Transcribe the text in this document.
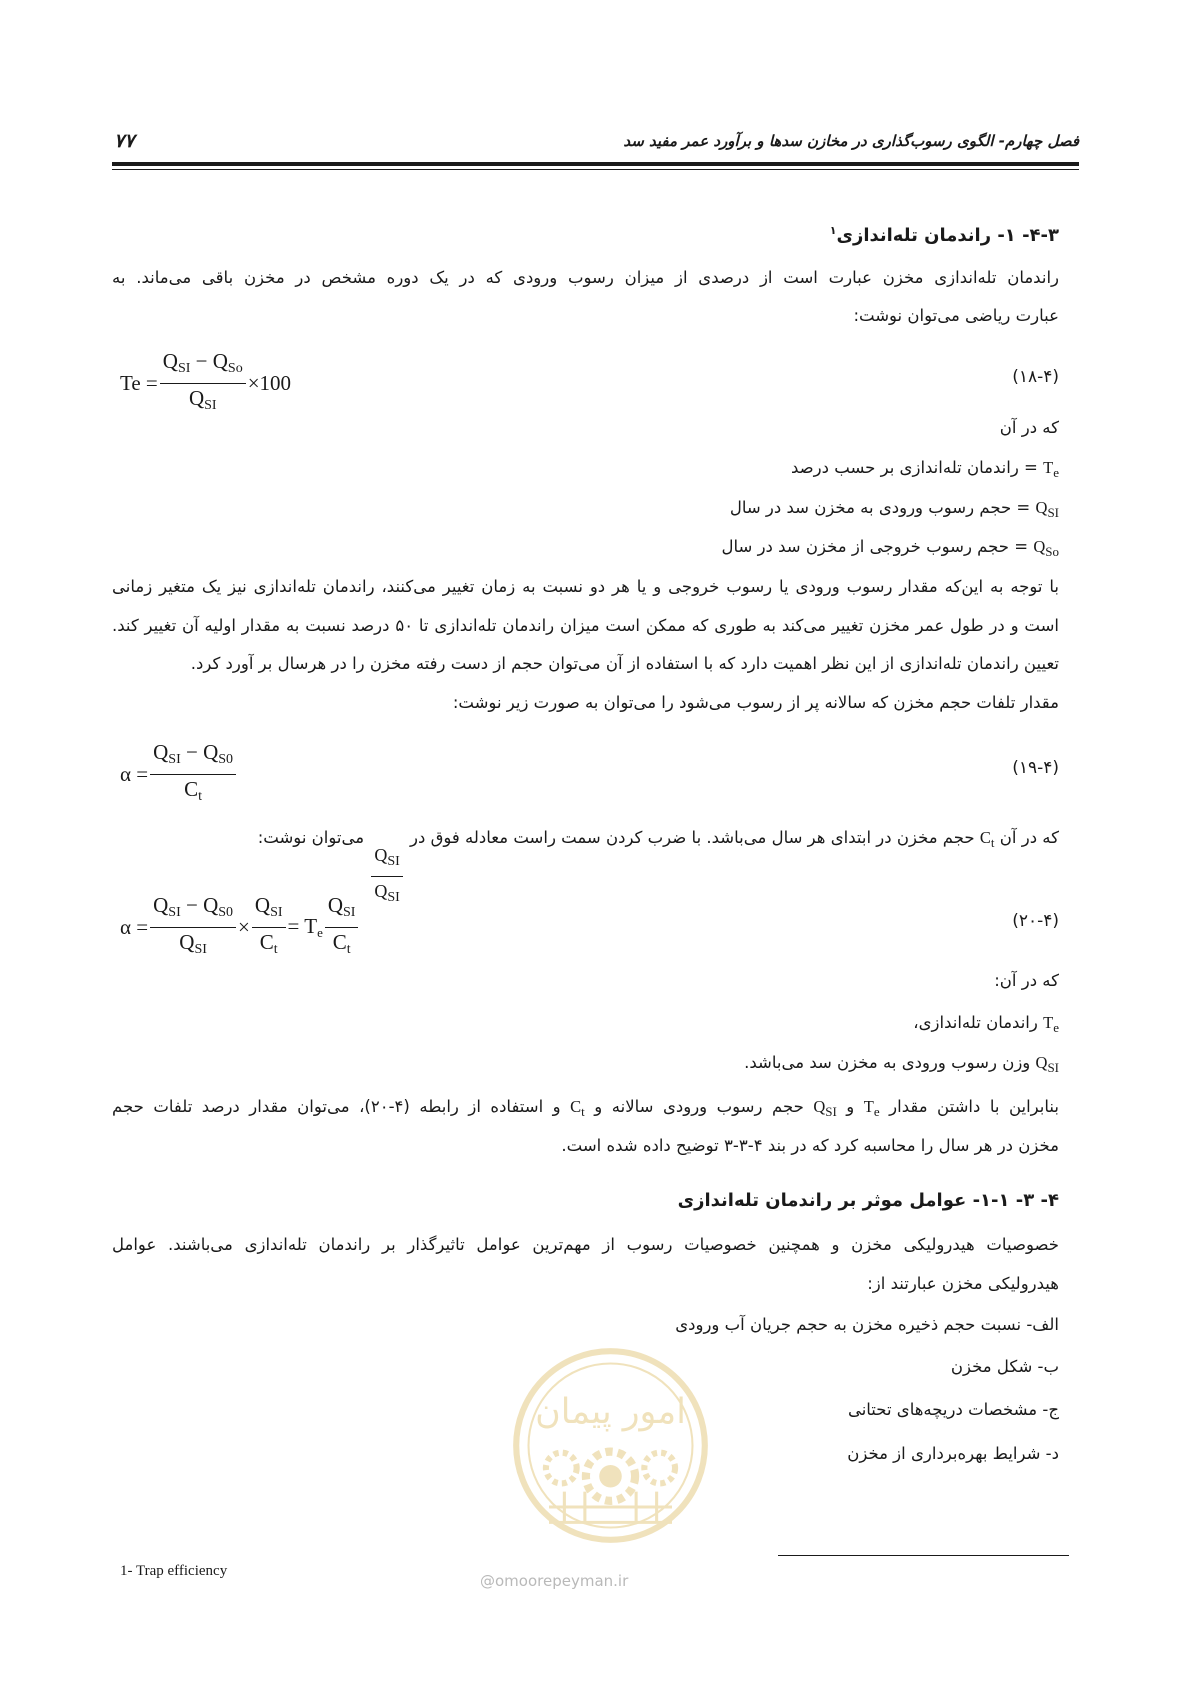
فصل چهارم- الگوی رسوب‌گذاری در مخازن سدها و برآورد عمر مفید سد
۷۷
۴-۳- ۱- راندمان تله‌اندازی$^۱$
راندمان تله‌اندازی مخزن عبارت است از درصدی از میزان رسوب ورودی که در یک دوره مشخص در مخزن باقی می‌ماند. به
عبارت ریاضی می‌توان نوشت:
$Te = \frac{Q_{SI} - Q_{So}}{Q_{SI}} \times 100$	(۱۸-۴)
که در آن
$T_e$ = راندمان تله‌اندازی بر حسب درصد
$Q_{SI}$ = حجم رسوب ورودی به مخزن سد در سال
$Q_{So}$ = حجم رسوب خروجی از مخزن سد در سال
با توجه به این‌که مقدار رسوب ورودی یا رسوب خروجی و یا هر دو نسبت به زمان تغییر می‌کنند، راندمان تله‌اندازی نیز یک متغیر زمانی
است و در طول عمر مخزن تغییر می‌کند به طوری که ممکن است میزان راندمان تله‌اندازی تا ۵۰ درصد نسبت به مقدار اولیه آن تغییر کند.
تعیین راندمان تله‌اندازی از این نظر اهمیت دارد که با استفاده از آن می‌توان حجم از دست رفته مخزن را در هرسال بر آورد کرد.
مقدار تلفات حجم مخزن که سالانه پر از رسوب می‌شود را می‌توان به صورت زیر نوشت:
$\alpha = \frac{Q_{SI} - Q_{S0}}{C_t}$	(۱۹-۴)
که در آن $C_t$ حجم مخزن در ابتدای هر سال می‌باشد. با ضرب کردن سمت راست معادله فوق در
$\frac{Q_{SI}}{Q_{SI}}$
می‌توان نوشت:
$\alpha = \frac{Q_{SI} - Q_{S0}}{Q_{SI}} \times \frac{Q_{SI}}{C_t} = T_e \frac{Q_{SI}}{C_t}$	(۲۰-۴)
که در آن:
$T_e$ راندمان تله‌اندازی،
$Q_{SI}$ وزن رسوب ورودی به مخزن سد می‌باشد.
بنابراین با داشتن مقدار $T_e$ و $Q_{SI}$ حجم رسوب ورودی سالانه و $C_t$ و استفاده از رابطه (۴-۲۰)، می‌توان مقدار درصد تلفات حجم
مخزن در هر سال را محاسبه کرد که در بند ۴-۳-۳ توضیح داده شده است.
۴- ۳- ۱-۱- عوامل موثر بر راندمان تله‌اندازی
خصوصیات هیدرولیکی مخزن و همچنین خصوصیات رسوب از مهم‌ترین عوامل تاثیرگذار بر راندمان تله‌اندازی می‌باشند. عوامل
هیدرولیکی مخزن عبارتند از:
الف- نسبت حجم ذخیره مخزن به حجم جریان آب ورودی
ب- شکل مخزن
ج- مشخصات دریچه‌های تحتانی
د- شرایط بهره‌برداری از مخزن
امور پیمان
1- Trap efficiency
@omoorepeyman.ir
